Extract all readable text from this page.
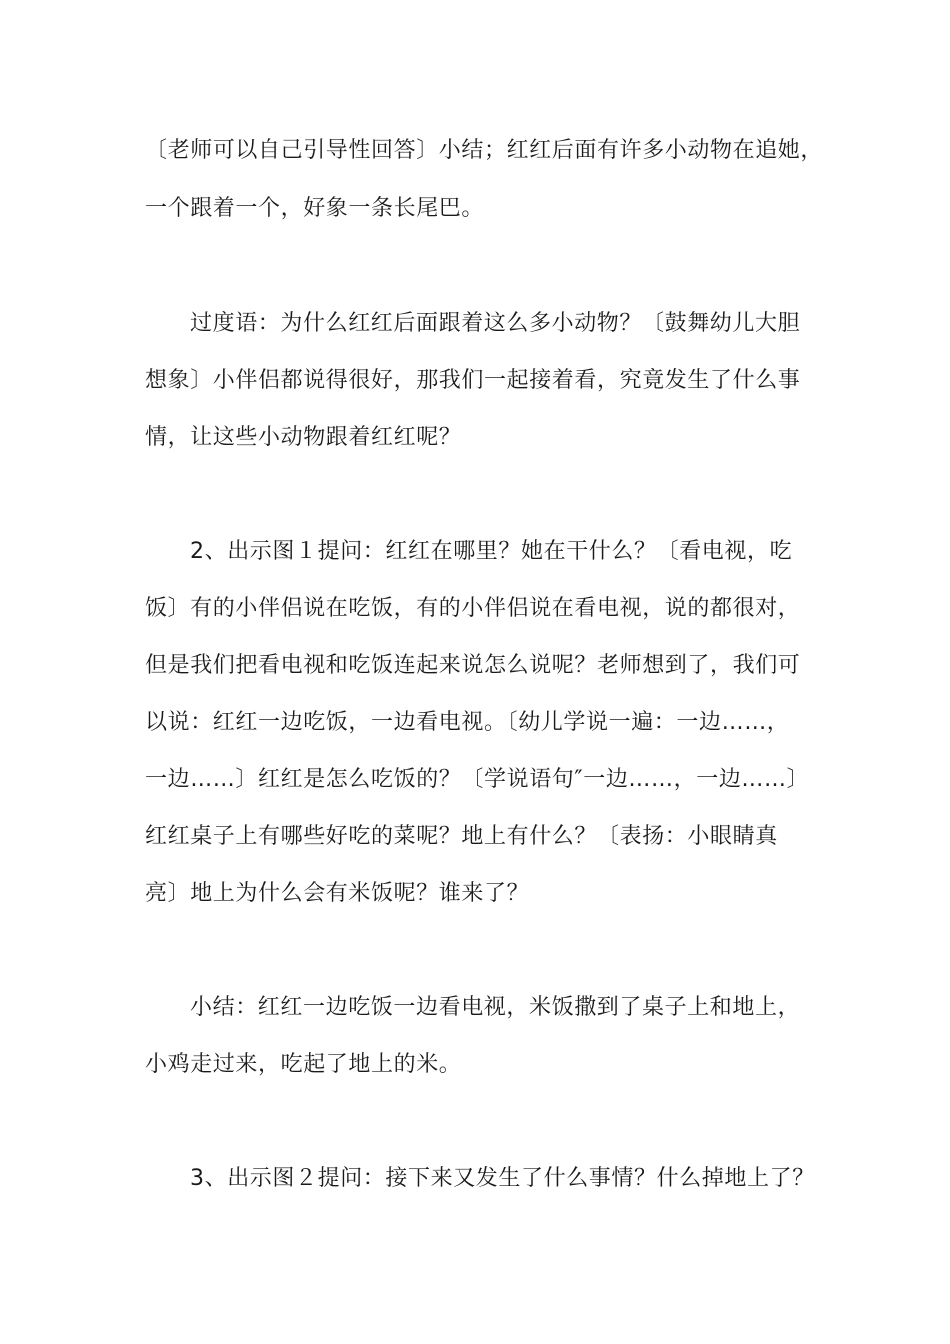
〔老师可以自己引导性回答〕小结；红红后面有许多小动物在追她，
一个跟着一个，好象一条长尾巴。
过度语：为什么红红后面跟着这么多小动物？〔鼓舞幼儿大胆
想象〕小伴侣都说得很好，那我们一起接着看，究竟发生了什么事
情，让这些小动物跟着红红呢？
2、出示图１提问：红红在哪里？她在干什么？〔看电视，吃
饭〕有的小伴侣说在吃饭，有的小伴侣说在看电视，说的都很对，
但是我们把看电视和吃饭连起来说怎么说呢？老师想到了，我们可
以说：红红一边吃饭，一边看电视。〔幼儿学说一遍：一边……，
一边……〕红红是怎么吃饭的？〔学说语句″一边……，一边……〕
红红桌子上有哪些好吃的菜呢？地上有什么？〔表扬：小眼睛真
亮〕地上为什么会有米饭呢？谁来了？
小结：红红一边吃饭一边看电视，米饭撒到了桌子上和地上，
小鸡走过来，吃起了地上的米。
3、出示图２提问：接下来又发生了什么事情？什么掉地上了？
